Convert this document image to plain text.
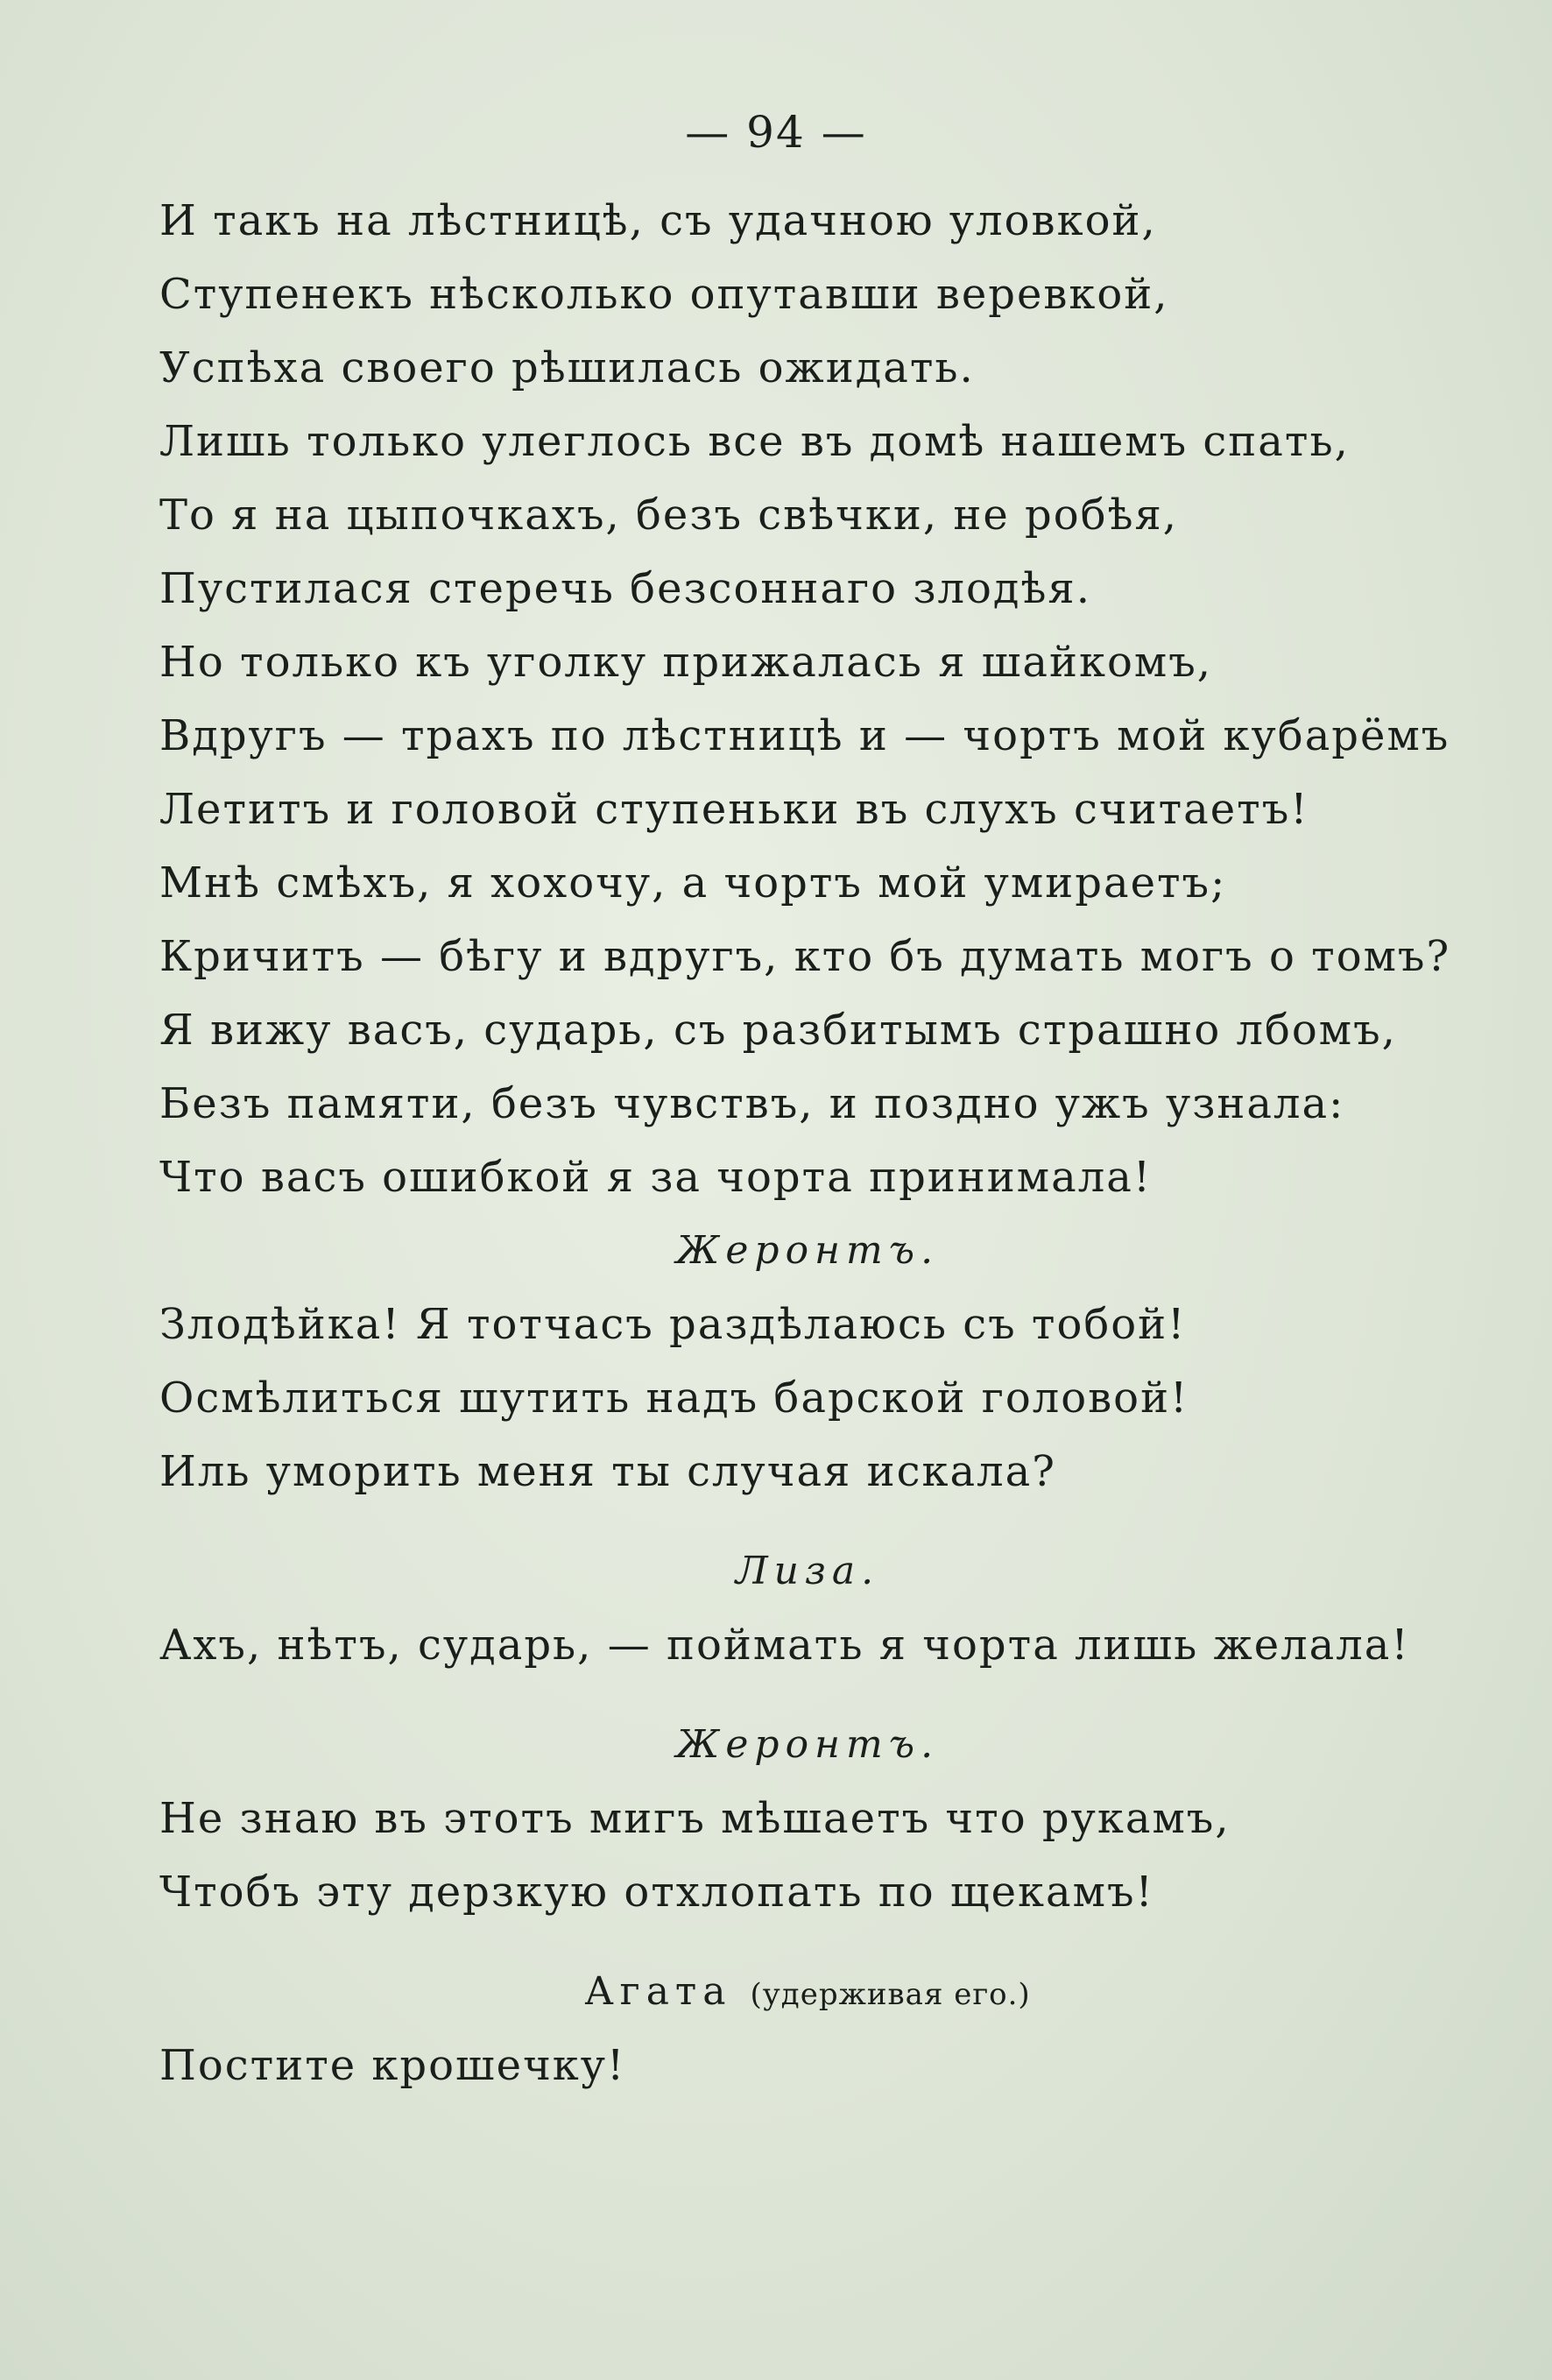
— 94 —
И такъ на лѣстницѣ, съ удачною уловкой,
Ступенекъ нѣсколько опутавши веревкой,
Успѣха своего рѣшилась ожидать.
Лишь только улеглось все въ домѣ нашемъ спать,
То я на цыпочкахъ, безъ свѣчки, не робѣя,
Пустилася стеречь безсоннаго злодѣя.
Но только къ уголку прижалась я шайкомъ,
Вдругъ — трахъ по лѣстницѣ и — чортъ мой кубарёмъ
Летитъ и головой ступеньки въ слухъ считаетъ!
Мнѣ смѣхъ, я хохочу, а чортъ мой умираетъ;
Кричитъ — бѣгу и вдругъ, кто бъ думать могъ о томъ?
Я вижу васъ, сударь, съ разбитымъ страшно лбомъ,
Безъ памяти, безъ чувствъ, и поздно ужъ узнала:
Что васъ ошибкой я за чорта принимала!
Жеронтъ.
Злодѣйка! Я тотчасъ раздѣлаюсь съ тобой!
Осмѣлиться шутить надъ барской головой!
Иль уморить меня ты случая искала?
Лиза.
Ахъ, нѣтъ, сударь, — поймать я чорта лишь желала!
Жеронтъ.
Не знаю въ этотъ мигъ мѣшаетъ что рукамъ,
Чтобъ эту дерзкую отхлопать по щекамъ!
Агата (удерживая его.)
Постите крошечку!
